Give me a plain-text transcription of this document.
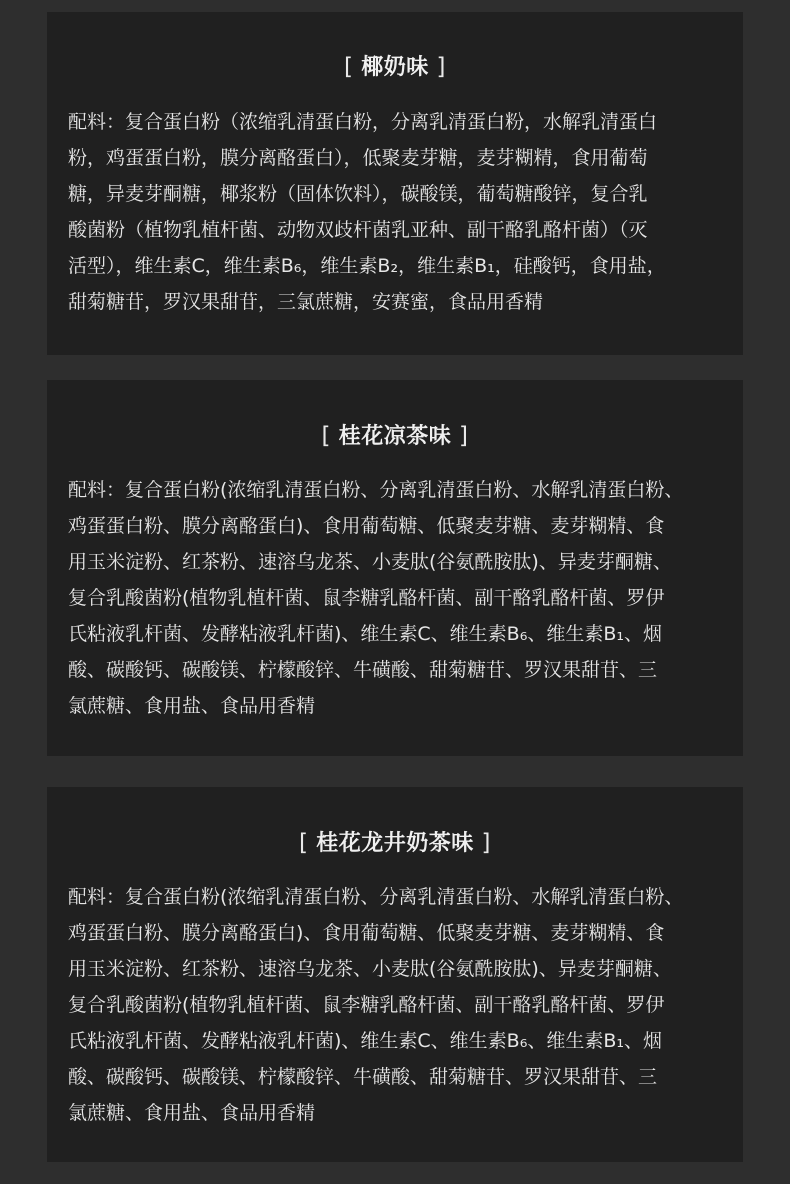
[ 椰奶味 ]
配料：复合蛋白粉（浓缩乳清蛋白粉，分离乳清蛋白粉，水解乳清蛋白
粉，鸡蛋蛋白粉，膜分离酪蛋白），低聚麦芽糖，麦芽糊精，食用葡萄
糖，异麦芽酮糖，椰浆粉（固体饮料），碳酸镁，葡萄糖酸锌，复合乳
酸菌粉（植物乳植杆菌、动物双歧杆菌乳亚种、副干酪乳酪杆菌）（灭
活型），维生素C，维生素B₆，维生素B₂，维生素B₁，硅酸钙，食用盐，
甜菊糖苷，罗汉果甜苷，三氯蔗糖，安赛蜜，食品用香精
[ 桂花凉茶味 ]
配料：复合蛋白粉(浓缩乳清蛋白粉、分离乳清蛋白粉、水解乳清蛋白粉、
鸡蛋蛋白粉、膜分离酪蛋白)、食用葡萄糖、低聚麦芽糖、麦芽糊精、食
用玉米淀粉、红茶粉、速溶乌龙茶、小麦肽(谷氨酰胺肽)、异麦芽酮糖、
复合乳酸菌粉(植物乳植杆菌、鼠李糖乳酪杆菌、副干酪乳酪杆菌、罗伊
氏粘液乳杆菌、发酵粘液乳杆菌)、维生素C、维生素B₆、维生素B₁、烟
酸、碳酸钙、碳酸镁、柠檬酸锌、牛磺酸、甜菊糖苷、罗汉果甜苷、三
氯蔗糖、食用盐、食品用香精
[ 桂花龙井奶茶味 ]
配料：复合蛋白粉(浓缩乳清蛋白粉、分离乳清蛋白粉、水解乳清蛋白粉、
鸡蛋蛋白粉、膜分离酪蛋白)、食用葡萄糖、低聚麦芽糖、麦芽糊精、食
用玉米淀粉、红茶粉、速溶乌龙茶、小麦肽(谷氨酰胺肽)、异麦芽酮糖、
复合乳酸菌粉(植物乳植杆菌、鼠李糖乳酪杆菌、副干酪乳酪杆菌、罗伊
氏粘液乳杆菌、发酵粘液乳杆菌)、维生素C、维生素B₆、维生素B₁、烟
酸、碳酸钙、碳酸镁、柠檬酸锌、牛磺酸、甜菊糖苷、罗汉果甜苷、三
氯蔗糖、食用盐、食品用香精
